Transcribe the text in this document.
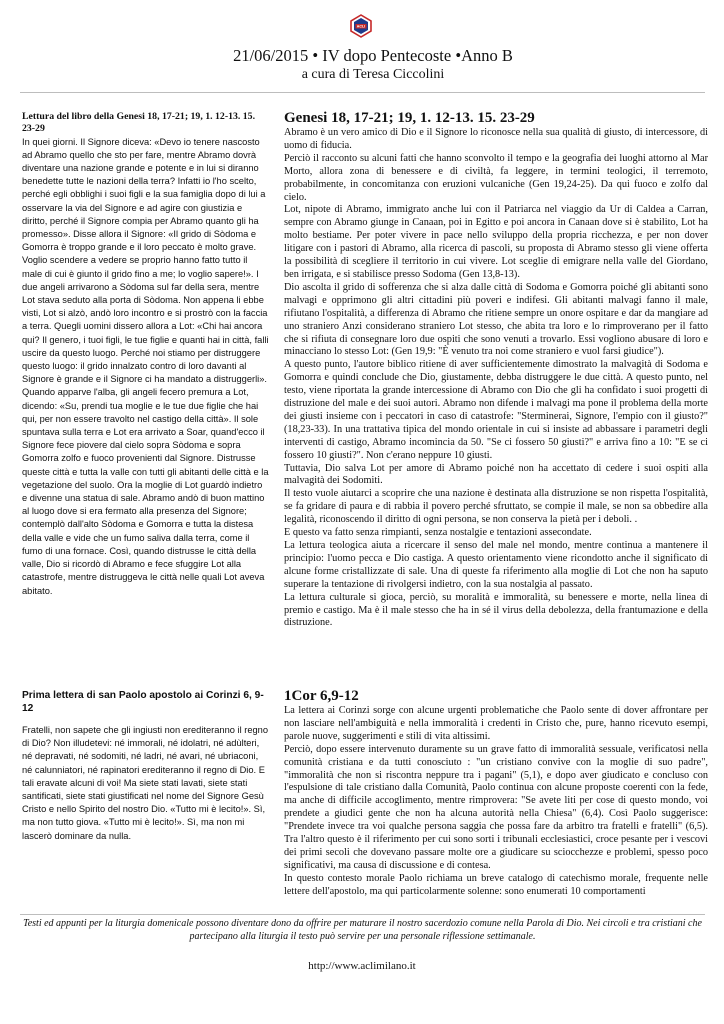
ACLI
21/06/2015 • IV dopo Pentecoste •Anno B
a cura di Teresa Ciccolini
Lettura del libro della Genesi 18, 17-21; 19, 1. 12-13. 15. 23-29
In quei giorni. Il Signore diceva: «Devo io tenere nascosto ad Abramo quello che sto per fare, mentre Abramo dovrà diventare una nazione grande e potente e in lui si diranno benedette tutte le nazioni della terra? Infatti io l'ho scelto, perché egli obblighi i suoi figli e la sua famiglia dopo di lui a osservare la via del Signore e ad agire con giustizia e diritto, perché il Signore compia per Abramo quanto gli ha promesso». Disse allora il Signore: «Il grido di Sòdoma e Gomorra è troppo grande e il loro peccato è molto grave. Voglio scendere a vedere se proprio hanno fatto tutto il male di cui è giunto il grido fino a me; lo voglio sapere!». I due angeli arrivarono a Sòdoma sul far della sera, mentre Lot stava seduto alla porta di Sòdoma. Non appena li ebbe visti, Lot si alzò, andò loro incontro e si prostrò con la faccia a terra. Quegli uomini dissero allora a Lot: «Chi hai ancora qui? Il genero, i tuoi figli, le tue figlie e quanti hai in città, falli uscire da questo luogo. Perché noi stiamo per distruggere questo luogo: il grido innalzato contro di loro davanti al Signore è grande e il Signore ci ha mandato a distruggerli». Quando apparve l'alba, gli angeli fecero premura a Lot, dicendo: «Su, prendi tua moglie e le tue due figlie che hai qui, per non essere travolto nel castigo della città». Il sole spuntava sulla terra e Lot era arrivato a Soar, quand'ecco il Signore fece piovere dal cielo sopra Sòdoma e sopra Gomorra zolfo e fuoco provenienti dal Signore. Distrusse queste città e tutta la valle con tutti gli abitanti delle città e la vegetazione del suolo. Ora la moglie di Lot guardò indietro e divenne una statua di sale. Abramo andò di buon mattino al luogo dove si era fermato alla presenza del Signore; contemplò dall'alto Sòdoma e Gomorra e tutta la distesa della valle e vide che un fumo saliva dalla terra, come il fumo di una fornace. Così, quando distrusse le città della valle, Dio si ricordò di Abramo e fece sfuggire Lot alla catastrofe, mentre distruggeva le città nelle quali Lot aveva abitato.
Prima lettera di san Paolo apostolo ai Corinzi 6, 9-12

Fratelli, non sapete che gli ingiusti non erediteranno il regno di Dio? Non illudetevi: né immorali, né idolatri, né adùlteri, né depravati, né sodomiti, né ladri, né avari, né ubriaconi, né calunniatori, né rapinatori erediteranno il regno di Dio. E tali eravate alcuni di voi! Ma siete stati lavati, siete stati santificati, siete stati giustificati nel nome del Signore Gesù Cristo e nello Spirito del nostro Dio. «Tutto mi è lecito!». Sì, ma non tutto giova. «Tutto mi è lecito!». Sì, ma non mi lascerò dominare da nulla.

Genesi 18, 17-21; 19, 1. 12-13. 15. 23-29

Abramo è un vero amico di Dio e il Signore lo riconosce nella sua qualità di giusto, di intercessore, di uomo di fiducia.

Perciò il racconto su alcuni fatti che hanno sconvolto il tempo e la geografia dei luoghi attorno al Mar Morto, allora zona di benessere e di civiltà, fa leggere, in termini teologici, il terremoto, probabilmente, in concomitanza con eruzioni vulcaniche (Gen 19,24-25). Da qui fuoco e zolfo dal cielo.

Lot, nipote di Abramo, immigrato anche lui con il Patriarca nel viaggio da Ur di Caldea a Carran, sempre con Abramo giunge in Canaan, poi in Egitto e poi ancora in Canaan dove si è stabilito, Lot ha molto bestiame. Per poter vivere in pace nello sviluppo della propria ricchezza, e per non dover litigare con i pastori di Abramo, alla ricerca di pascoli, su proposta di Abramo stesso gli viene offerta la possibilità di scegliere il territorio in cui vivere. Lot sceglie di emigrare nella valle del Giordano, ben irrigata, e si stabilisce presso Sodoma (Gen 13,8-13).

Dio ascolta il grido di sofferenza che si alza dalle città di Sodoma e Gomorra poiché gli abitanti sono malvagi e opprimono gli altri cittadini più poveri e indifesi. Gli abitanti malvagi fanno il male, rifiutano l'ospitalità, a differenza di Abramo che ritiene sempre un onore ospitare e dar da mangiare ad uno straniero Anzi considerano straniero Lot stesso, che abita tra loro e lo rimproverano per il fatto che si rifiuta di consegnare loro due ospiti che sono venuti a trovarlo. Essi vogliono abusare di loro e minacciano lo stesso Lot: (Gen 19,9: "È venuto tra noi come straniero e vuol farsi giudice").

A questo punto, l'autore biblico ritiene di aver sufficientemente dimostrato la malvagità di Sodoma e Gomorra e quindi conclude che Dio, giustamente, debba distruggere le due città. A questo punto, nel testo, viene riportata la grande intercessione di Abramo con Dio che gli ha confidato i suoi progetti di distruzione del male e dei suoi autori. Abramo non difende i malvagi ma pone il problema della morte dei giusti insieme con i peccatori in caso di catastrofe: "Sterminerai, Signore, l'empio con il giusto?" (18,23-33). In una trattativa tipica del mondo orientale in cui si insiste ad abbassare i parametri degli interventi di castigo, Abramo incomincia da 50. "Se ci fossero 50 giusti?" e arriva fino a 10: "E se ci fossero 10 giusti?". Non c'erano neppure 10 giusti.

Tuttavia, Dio salva Lot per amore di Abramo poiché non ha accettato di cedere i suoi ospiti alla malvagità dei Sodomiti.

Il testo vuole aiutarci a scoprire che una nazione è destinata alla distruzione se non rispetta l'ospitalità, se fa gridare di paura e di rabbia il povero perché sfruttato, se compie il male, se non sa obbedire alla legalità, riconoscendo il diritto di ogni persona, se non conserva la pietà per i deboli. .

E questo va fatto senza rimpianti, senza nostalgie e tentazioni assecondate.

La lettura teologica aiuta a ricercare il senso del male nel mondo, mentre continua a mantenere il principio: l'uomo pecca e Dio castiga. A questo orientamento viene ricondotto anche il significato di alcune forme cristallizzate di sale. Una di queste fa riferimento alla moglie di Lot che non ha saputo superare la tentazione di rivolgersi indietro, con la sua nostalgia al passato.

La lettura culturale si gioca, perciò, su moralità e immoralità, su benessere e morte, nella linea di premio e castigo. Ma è il male stesso che ha in sé il virus della debolezza, della frantumazione e della distruzione.

1Cor 6,9-12

La lettera ai Corinzi sorge con alcune urgenti problematiche che Paolo sente di dover affrontare per non lasciare nell'ambiguità e nella immoralità i credenti in Cristo che, pure, hanno ricevuto esempi, parole nuove, suggerimenti e stili di vita altissimi.

Perciò, dopo essere intervenuto duramente su un grave fatto di immoralità sessuale, verificatosi nella comunità cristiana e da tutti conosciuto : "un cristiano convive con la moglie di suo padre", "immoralità che non si riscontra neppure tra i pagani" (5,1), e dopo aver giudicato e concluso con l'espulsione di tale cristiano dalla Comunità, Paolo continua con alcune proposte coerenti con la fede, ma anche di difficile accoglimento, mentre rimprovera: "Se avete liti per cose di questo mondo, voi prendete a giudici gente che non ha alcuna autorità nella Chiesa" (6,4). Così Paolo suggerisce: "Prendete invece tra voi qualche persona saggia che possa fare da arbitro tra fratelli e fratelli" (6,5). Tra l'altro questo è il riferimento per cui sono sorti i tribunali ecclesiastici, croce pesante per i vescovi dei primi secoli che dovevano passare molte ore a giudicare su sciocchezze e problemi, spesso poco significativi, ma causa di discussione e di contesa.

In questo contesto morale Paolo richiama un breve catalogo di catechismo morale, frequente nelle lettere dell'apostolo, ma qui particolarmente solenne: sono enumerati 10 comportamenti

Testi ed appunti per la liturgia domenicale possono diventare dono da offrire per maturare il nostro sacerdozio comune nella Parola di Dio. Nei circoli e tra cristiani che partecipano alla liturgia il testo può servire per una personale riflessione settimanale.
http://www.aclimilano.it
